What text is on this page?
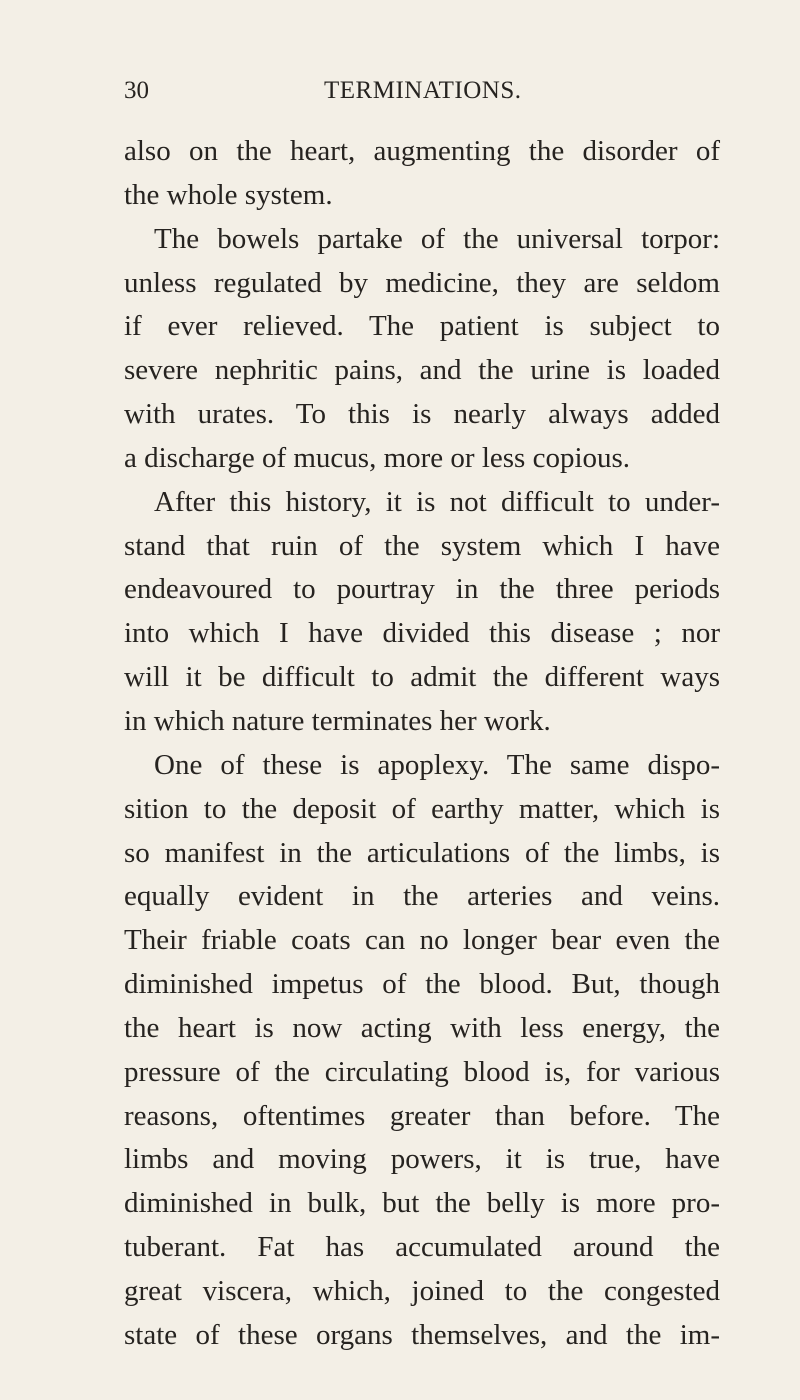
30	TERMINATIONS.
also on the heart, augmenting the disorder of
the whole system.
The bowels partake of the universal torpor:
unless regulated by medicine, they are seldom
if ever relieved. The patient is subject to
severe nephritic pains, and the urine is loaded
with urates. To this is nearly always added
a discharge of mucus, more or less copious.
After this history, it is not difficult to under-
stand that ruin of the system which I have
endeavoured to pourtray in the three periods
into which I have divided this disease ; nor
will it be difficult to admit the different ways
in which nature terminates her work.
One of these is apoplexy. The same dispo-
sition to the deposit of earthy matter, which is
so manifest in the articulations of the limbs, is
equally evident in the arteries and veins.
Their friable coats can no longer bear even the
diminished impetus of the blood. But, though
the heart is now acting with less energy, the
pressure of the circulating blood is, for various
reasons, oftentimes greater than before. The
limbs and moving powers, it is true, have
diminished in bulk, but the belly is more pro-
tuberant. Fat has accumulated around the
great viscera, which, joined to the congested
state of these organs themselves, and the im-
